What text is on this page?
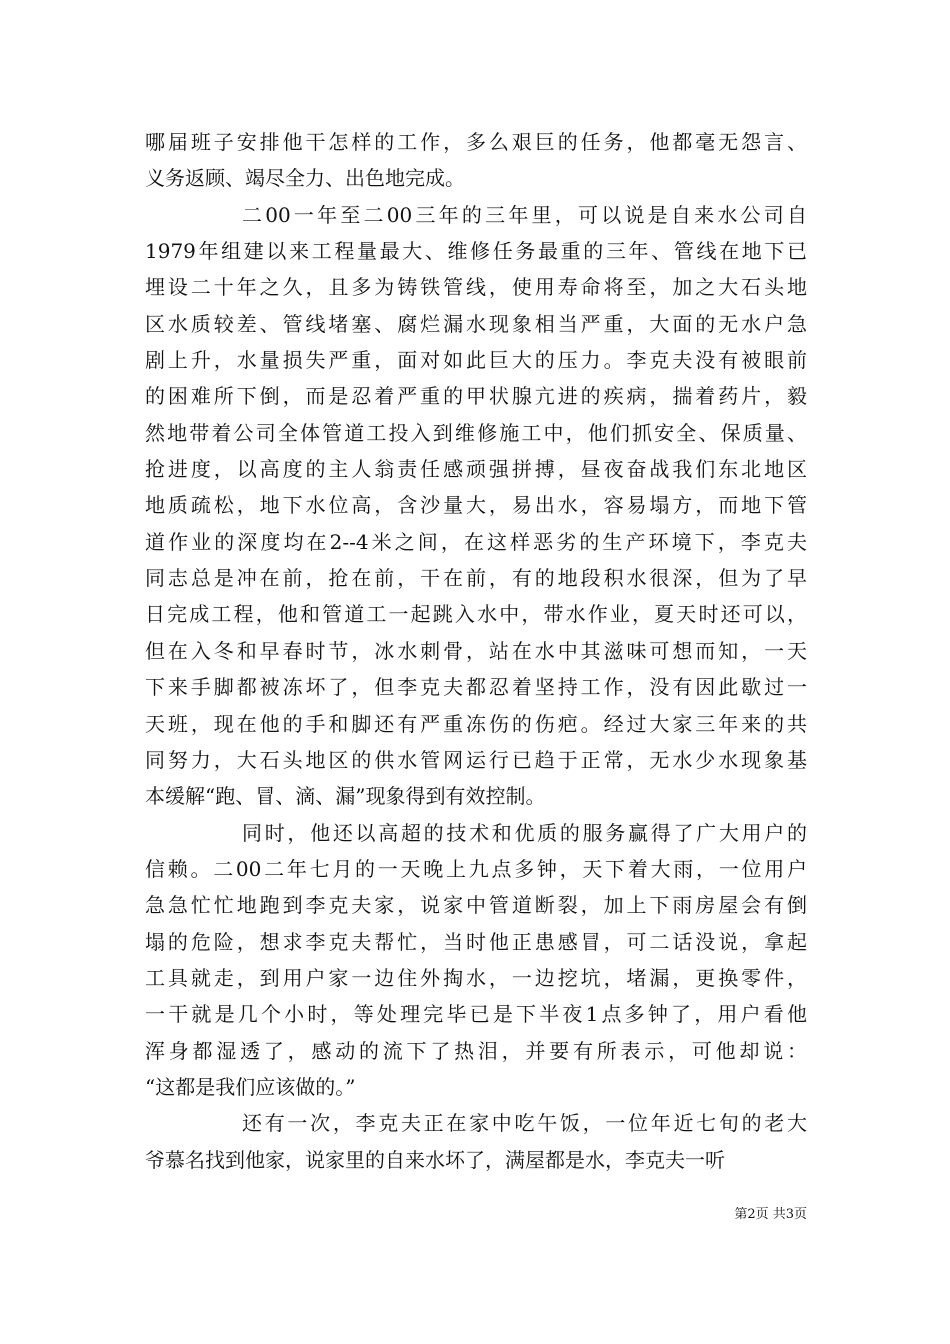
哪届班子安排他干怎样的工作，多么艰巨的任务，他都毫无怨言、
义务返顾、竭尽全力、出色地完成。
二00一年至二00三年的三年里，可以说是自来水公司自
1979年组建以来工程量最大、维修任务最重的三年、管线在地下已
埋设二十年之久，且多为铸铁管线，使用寿命将至，加之大石头地
区水质较差、管线堵塞、腐烂漏水现象相当严重，大面的无水户急
剧上升，水量损失严重，面对如此巨大的压力。李克夫没有被眼前
的困难所下倒，而是忍着严重的甲状腺亢进的疾病，揣着药片，毅
然地带着公司全体管道工投入到维修施工中，他们抓安全、保质量、
抢进度，以高度的主人翁责任感顽强拼搏，昼夜奋战我们东北地区
地质疏松，地下水位高，含沙量大，易出水，容易塌方，而地下管
道作业的深度均在2--4米之间，在这样恶劣的生产环境下，李克夫
同志总是冲在前，抢在前，干在前，有的地段积水很深，但为了早
日完成工程，他和管道工一起跳入水中，带水作业，夏天时还可以，
但在入冬和早春时节，冰水刺骨，站在水中其滋味可想而知，一天
下来手脚都被冻坏了，但李克夫都忍着坚持工作，没有因此歇过一
天班，现在他的手和脚还有严重冻伤的伤疤。经过大家三年来的共
同努力，大石头地区的供水管网运行已趋于正常，无水少水现象基
本缓解“跑、冒、滴、漏”现象得到有效控制。
同时，他还以高超的技术和优质的服务赢得了广大用户的
信赖。二00二年七月的一天晚上九点多钟，天下着大雨，一位用户
急急忙忙地跑到李克夫家，说家中管道断裂，加上下雨房屋会有倒
塌的危险，想求李克夫帮忙，当时他正患感冒，可二话没说，拿起
工具就走，到用户家一边住外掏水，一边挖坑，堵漏，更换零件，
一干就是几个小时，等处理完毕已是下半夜1点多钟了，用户看他
浑身都湿透了，感动的流下了热泪，并要有所表示，可他却说：
“这都是我们应该做的。”
还有一次，李克夫正在家中吃午饭，一位年近七旬的老大
爷慕名找到他家，说家里的自来水坏了，满屋都是水，李克夫一听
第2页 共3页
